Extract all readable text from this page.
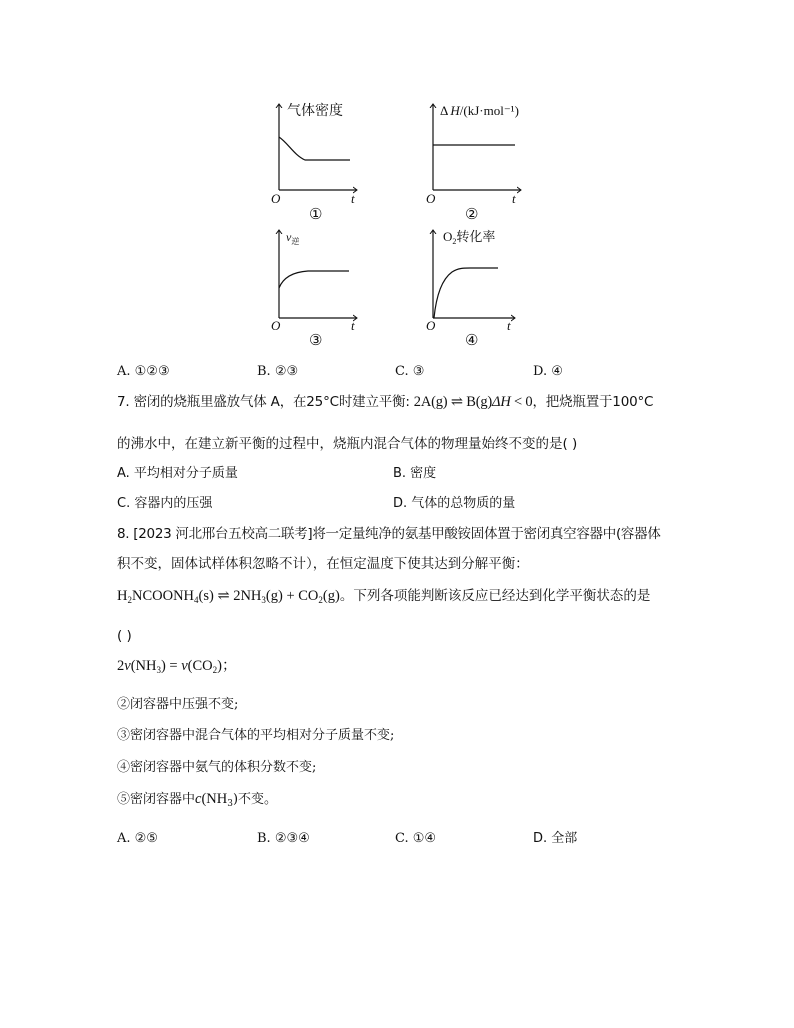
气体密度
O	t
①
Δ H/(kJ·mol⁻¹)
O	t
②
$v_逆$
O	t
③
$O_2$转化率
O	t
④
A. ①②③	B. ②③	C. ③	D. ④
7. 密闭的烧瓶里盛放气体 A，在25°C时建立平衡: 2A(g) ⇌ B(g)ΔH < 0，把烧瓶置于100°C
的沸水中，在建立新平衡的过程中，烧瓶内混合气体的物理量始终不变的是( )
A. 平均相对分子质量	B. 密度
C. 容器内的压强	D. 气体的总物质的量
8. [2023 河北邢台五校高二联考]将一定量纯净的氨基甲酸铵固体置于密闭真空容器中(容器体
积不变，固体试样体积忽略不计），在恒定温度下使其达到分解平衡：
$H_2NCOONH_4(s)$ ⇌ $2NH_3(g) + CO_2(g)$。下列各项能判断该反应已经达到化学平衡状态的是
( )
$2v(NH_3) = v(CO_2)$；
②闭容器中压强不变;
③密闭容器中混合气体的平均相对分子质量不变;
④密闭容器中氨气的体积分数不变;
⑤密闭容器中$c(NH_3)$不变。
A. ②⑤	B. ②③④	C. ①④	D. 全部
